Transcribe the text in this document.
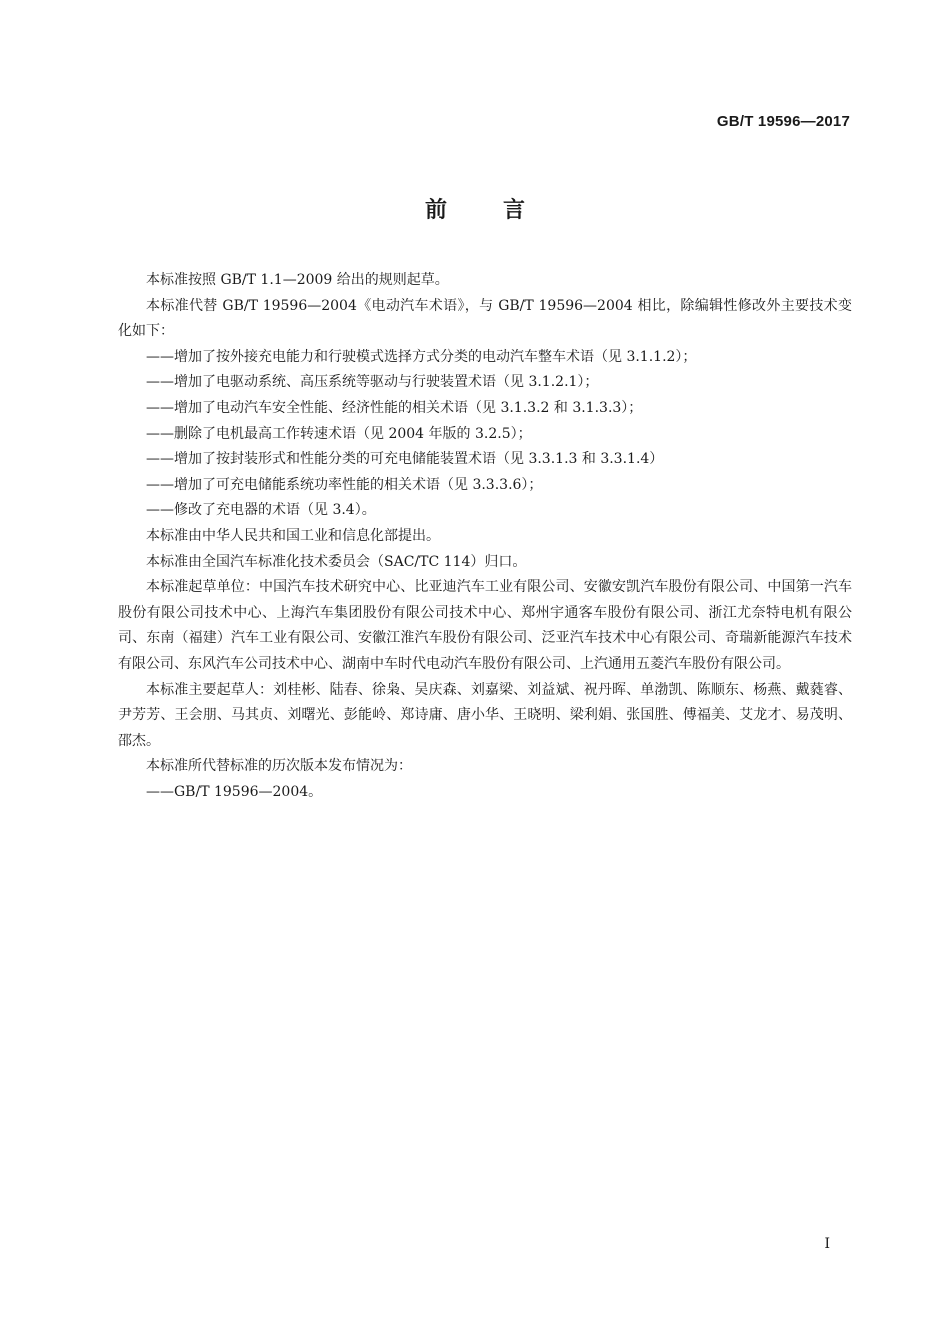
GB/T 19596—2017
前言

本标准按照 GB/T 1.1—2009 给出的规则起草。

本标准代替 GB/T 19596—2004《电动汽车术语》，与 GB/T 19596—2004 相比，除编辑性修改外主要技术变化如下：

——增加了按外接充电能力和行驶模式选择方式分类的电动汽车整车术语（见 3.1.1.2）；

——增加了电驱动系统、高压系统等驱动与行驶装置术语（见 3.1.2.1）；

——增加了电动汽车安全性能、经济性能的相关术语（见 3.1.3.2 和 3.1.3.3）；

——删除了电机最高工作转速术语（见 2004 年版的 3.2.5）；

——增加了按封装形式和性能分类的可充电储能装置术语（见 3.3.1.3 和 3.3.1.4）

——增加了可充电储能系统功率性能的相关术语（见 3.3.3.6）；

——修改了充电器的术语（见 3.4）。

本标准由中华人民共和国工业和信息化部提出。

本标准由全国汽车标准化技术委员会（SAC/TC 114）归口。

本标准起草单位：中国汽车技术研究中心、比亚迪汽车工业有限公司、安徽安凯汽车股份有限公司、中国第一汽车股份有限公司技术中心、上海汽车集团股份有限公司技术中心、郑州宇通客车股份有限公司、浙江尤奈特电机有限公司、东南（福建）汽车工业有限公司、安徽江淮汽车股份有限公司、泛亚汽车技术中心有限公司、奇瑞新能源汽车技术有限公司、东风汽车公司技术中心、湖南中车时代电动汽车股份有限公司、上汽通用五菱汽车股份有限公司。

本标准主要起草人：刘桂彬、陆春、徐枭、吴庆森、刘嘉梁、刘益斌、祝丹晖、单渤凯、陈顺东、杨燕、戴蕤睿、尹芳芳、王会朋、马其贞、刘曙光、彭能岭、郑诗庸、唐小华、王晓明、梁利娟、张国胜、傅福美、艾龙才、易茂明、邵杰。

本标准所代替标准的历次版本发布情况为：

——GB/T 19596—2004。

I
